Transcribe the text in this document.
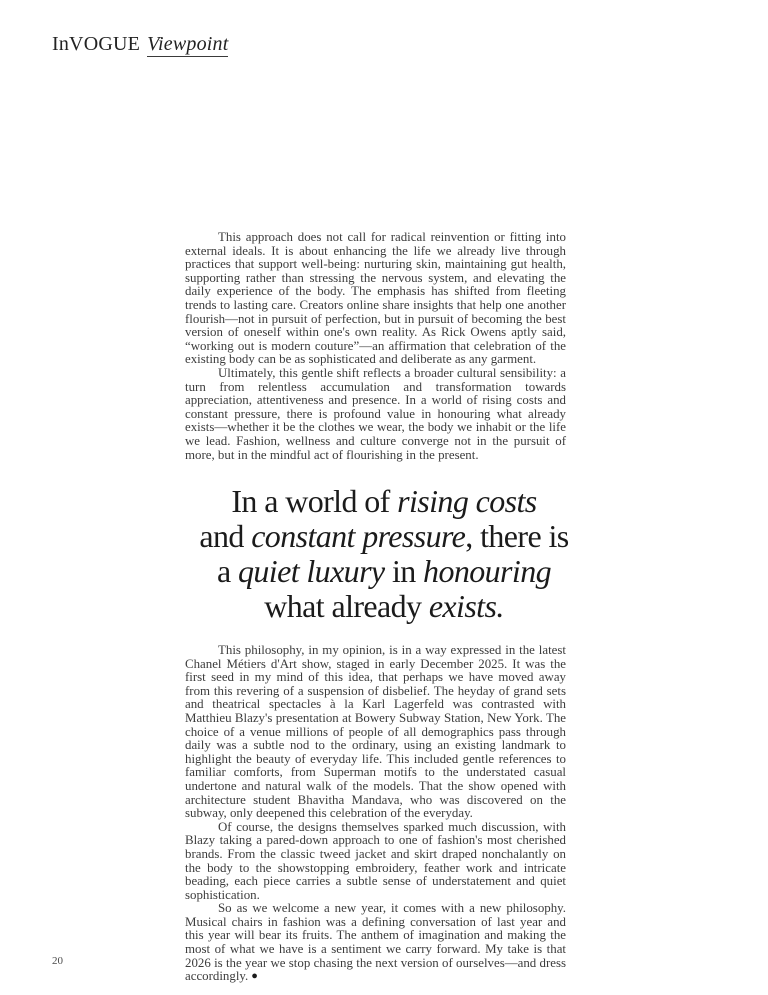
InVOGUE Viewpoint

This approach does not call for radical reinvention or fitting into external ideals. It is about enhancing the life we already live through practices that support well-being: nurturing skin, maintaining gut health, supporting rather than stressing the nervous system, and elevating the daily experience of the body. The emphasis has shifted from fleeting trends to lasting care. Creators online share insights that help one another flourish—not in pursuit of perfection, but in pursuit of becoming the best version of oneself within one's own reality. As Rick Owens aptly said, “working out is modern couture”—an affirmation that celebration of the existing body can be as sophisticated and deliberate as any garment.

Ultimately, this gentle shift reflects a broader cultural sensibility: a turn from relentless accumulation and transformation towards appreciation, attentiveness and presence. In a world of rising costs and constant pressure, there is profound value in honouring what already exists—whether it be the clothes we wear, the body we inhabit or the life we lead. Fashion, wellness and culture converge not in the pursuit of more, but in the mindful act of flourishing in the present.

In a world of rising costs
and constant pressure, there is
a quiet luxury in honouring
what already exists.

This philosophy, in my opinion, is in a way expressed in the latest Chanel Métiers d'Art show, staged in early December 2025. It was the first seed in my mind of this idea, that perhaps we have moved away from this revering of a suspension of disbelief. The heyday of grand sets and theatrical spectacles à la Karl Lagerfeld was contrasted with Matthieu Blazy's presentation at Bowery Subway Station, New York. The choice of a venue millions of people of all demographics pass through daily was a subtle nod to the ordinary, using an existing landmark to highlight the beauty of everyday life. This included gentle references to familiar comforts, from Superman motifs to the understated casual undertone and natural walk of the models. That the show opened with architecture student Bhavitha Mandava, who was discovered on the subway, only deepened this celebration of the everyday.

Of course, the designs themselves sparked much discussion, with Blazy taking a pared-down approach to one of fashion's most cherished brands. From the classic tweed jacket and skirt draped nonchalantly on the body to the showstopping embroidery, feather work and intricate beading, each piece carries a subtle sense of understatement and quiet sophistication.

So as we welcome a new year, it comes with a new philosophy. Musical chairs in fashion was a defining conversation of last year and this year will bear its fruits. The anthem of imagination and making the most of what we have is a sentiment we carry forward. My take is that 2026 is the year we stop chasing the next version of ourselves—and dress accordingly. ●

20
